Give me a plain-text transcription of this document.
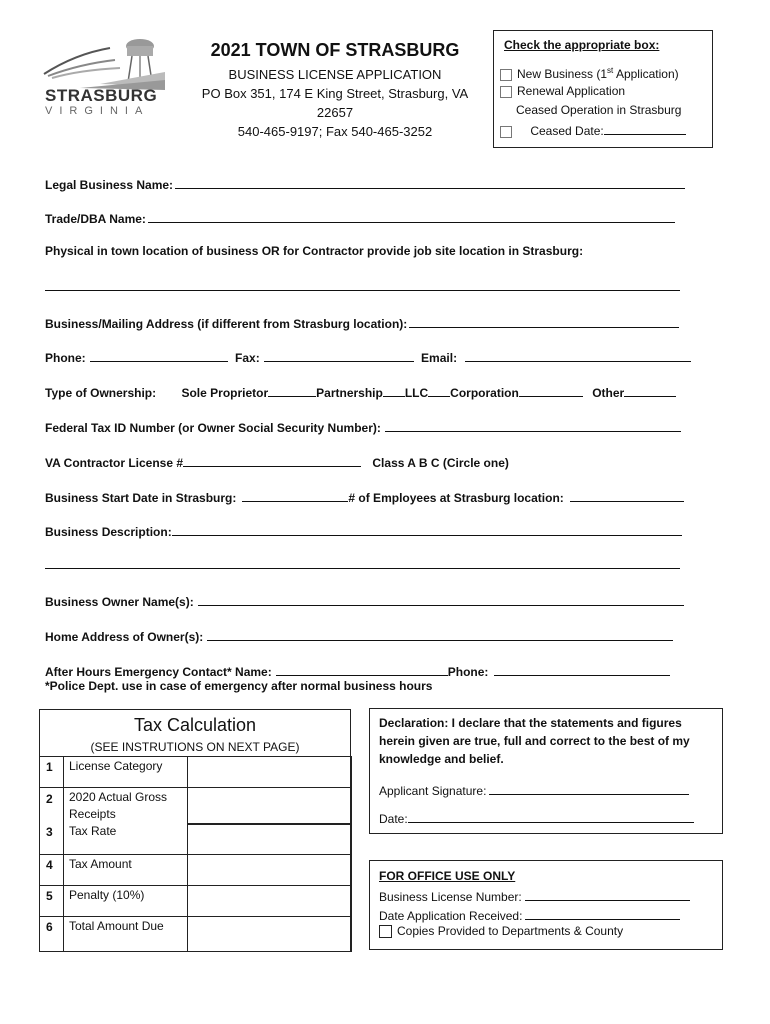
STRASBURG
VIRGINIA
2021 TOWN OF STRASBURG
BUSINESS LICENSE APPLICATION
PO Box 351, 174 E King Street, Strasburg, VA
22657
540-465-9197; Fax 540-465-3252
Check the appropriate box:
New Business (1st Application)
Renewal Application
Ceased Operation in Strasburg
Ceased Date:
Legal Business Name:
Trade/DBA Name:
Physical in town location of business OR for Contractor provide job site location in Strasburg:
Business/Mailing Address (if different from Strasburg location):
Phone:	Fax:	Email:
Type of Ownership: Sole Proprietor	Partnership LLC Corporation	Other
Federal Tax ID Number (or Owner Social Security Number):
VA Contractor License #	Class A B C (Circle one)
Business Start Date in Strasburg:	# of Employees at Strasburg location:
Business Description:
Business Owner Name(s):
Home Address of Owner(s):
After Hours Emergency Contact* Name:	Phone:
*Police Dept. use in case of emergency after normal business hours
Tax Calculation
(SEE INSTRUTIONS ON NEXT PAGE)
1 License Category
2 2020 Actual Gross Receipts
3 Tax Rate
4 Tax Amount
5 Penalty (10%)
6 Total Amount Due
Declaration: I declare that the statements and figures herein given are true, full and correct to the best of my knowledge and belief.
Applicant Signature:
Date:
FOR OFFICE USE ONLY
Business License Number:
Date Application Received:
Copies Provided to Departments & County
